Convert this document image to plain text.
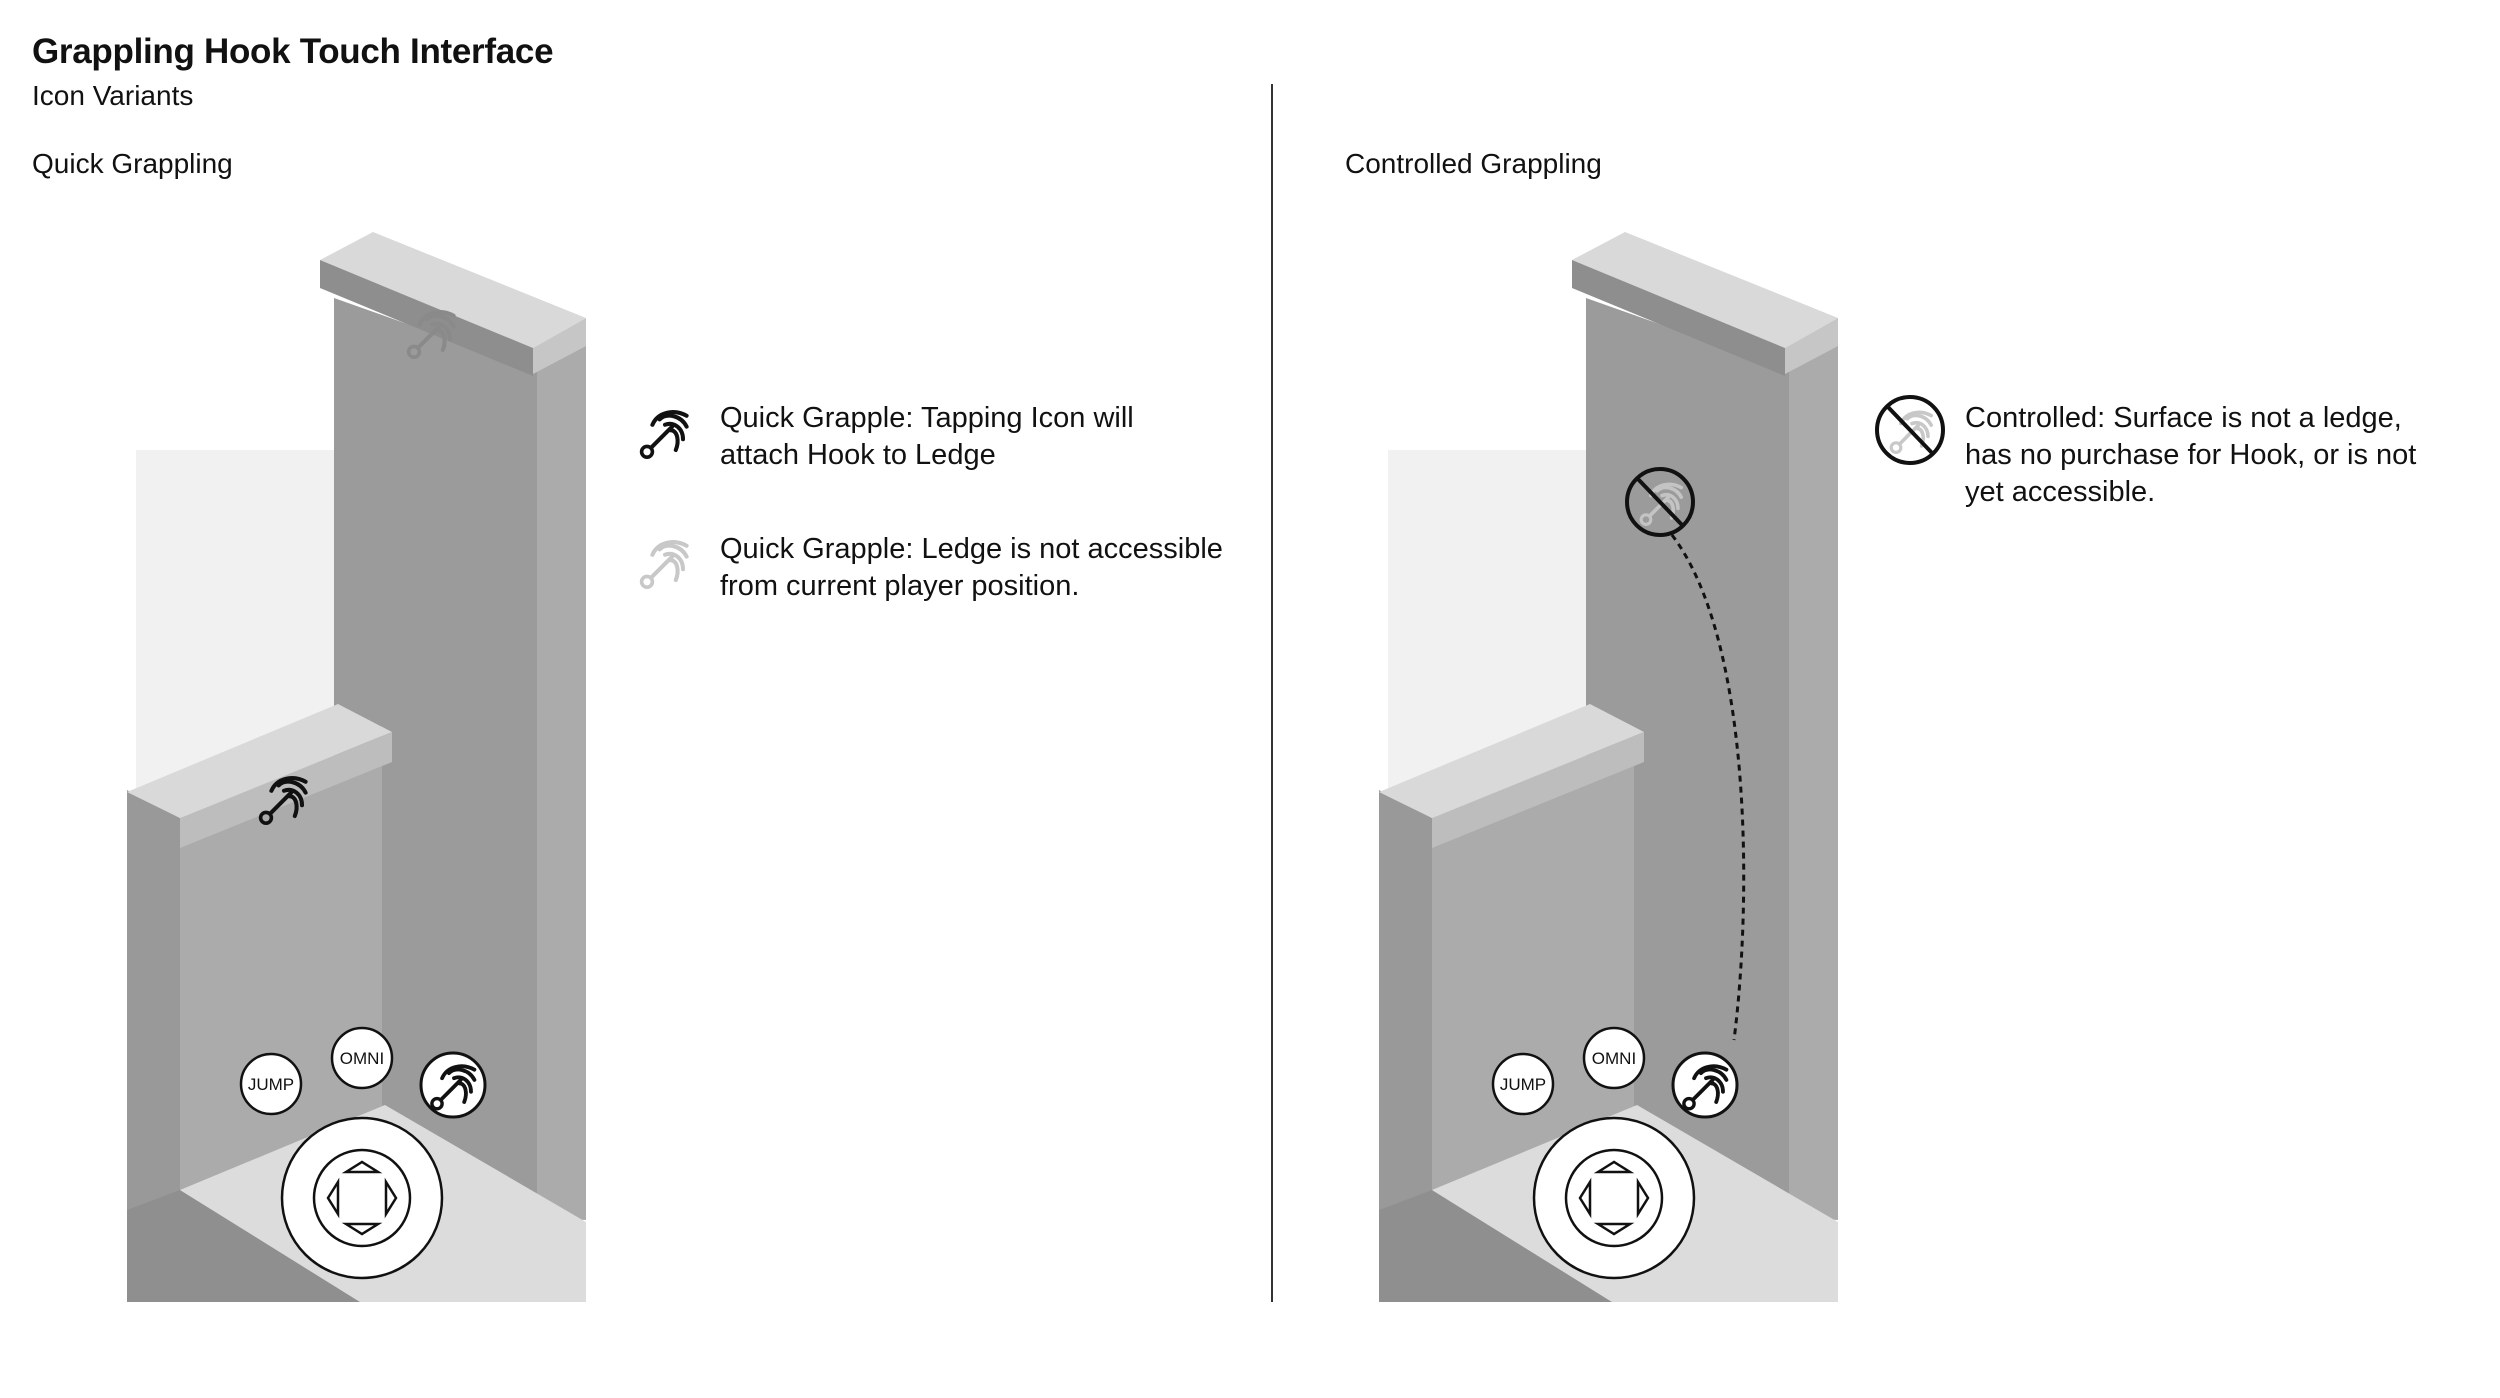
Grappling Hook Touch Interface
Icon Variants
Quick Grappling	Controlled Grappling
JUMP
OMNI
JUMP
OMNI
Quick Grapple: Tapping Icon will
attach Hook to Ledge
Quick Grapple: Ledge is not accessible
from current player position.
Controlled: Surface is not a ledge,
has no purchase for Hook, or is not
yet accessible.
